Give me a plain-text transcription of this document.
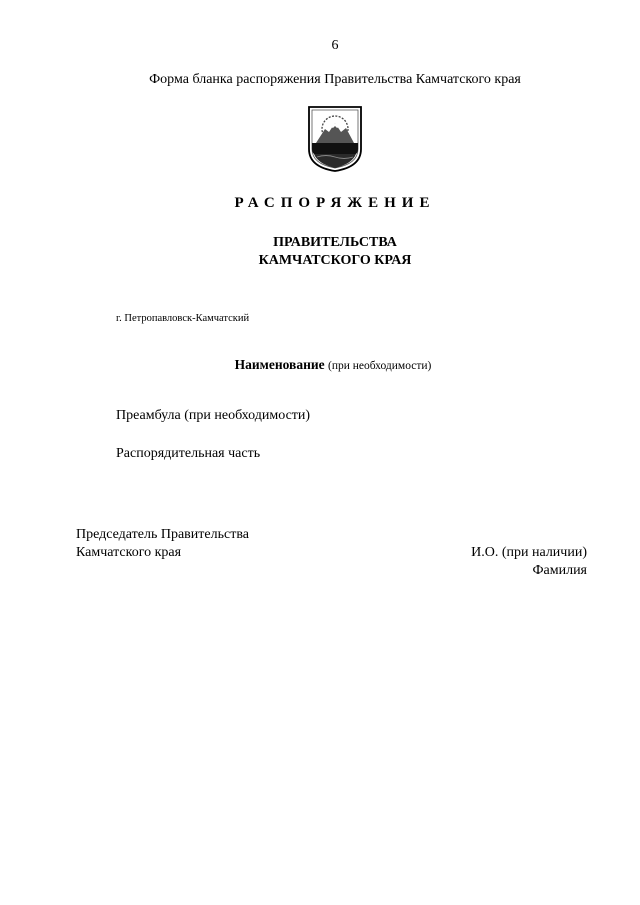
6
Форма бланка распоряжения Правительства Камчатского края
РАСПОРЯЖЕНИЕ
ПРАВИТЕЛЬСТВА
КАМЧАТСКОГО КРАЯ
г. Петропавловск-Камчатский
Наименование (при необходимости)
Преамбула (при необходимости)
Распорядительная часть
Председатель Правительства
Камчатского края	И.О. (при наличии)
Фамилия
